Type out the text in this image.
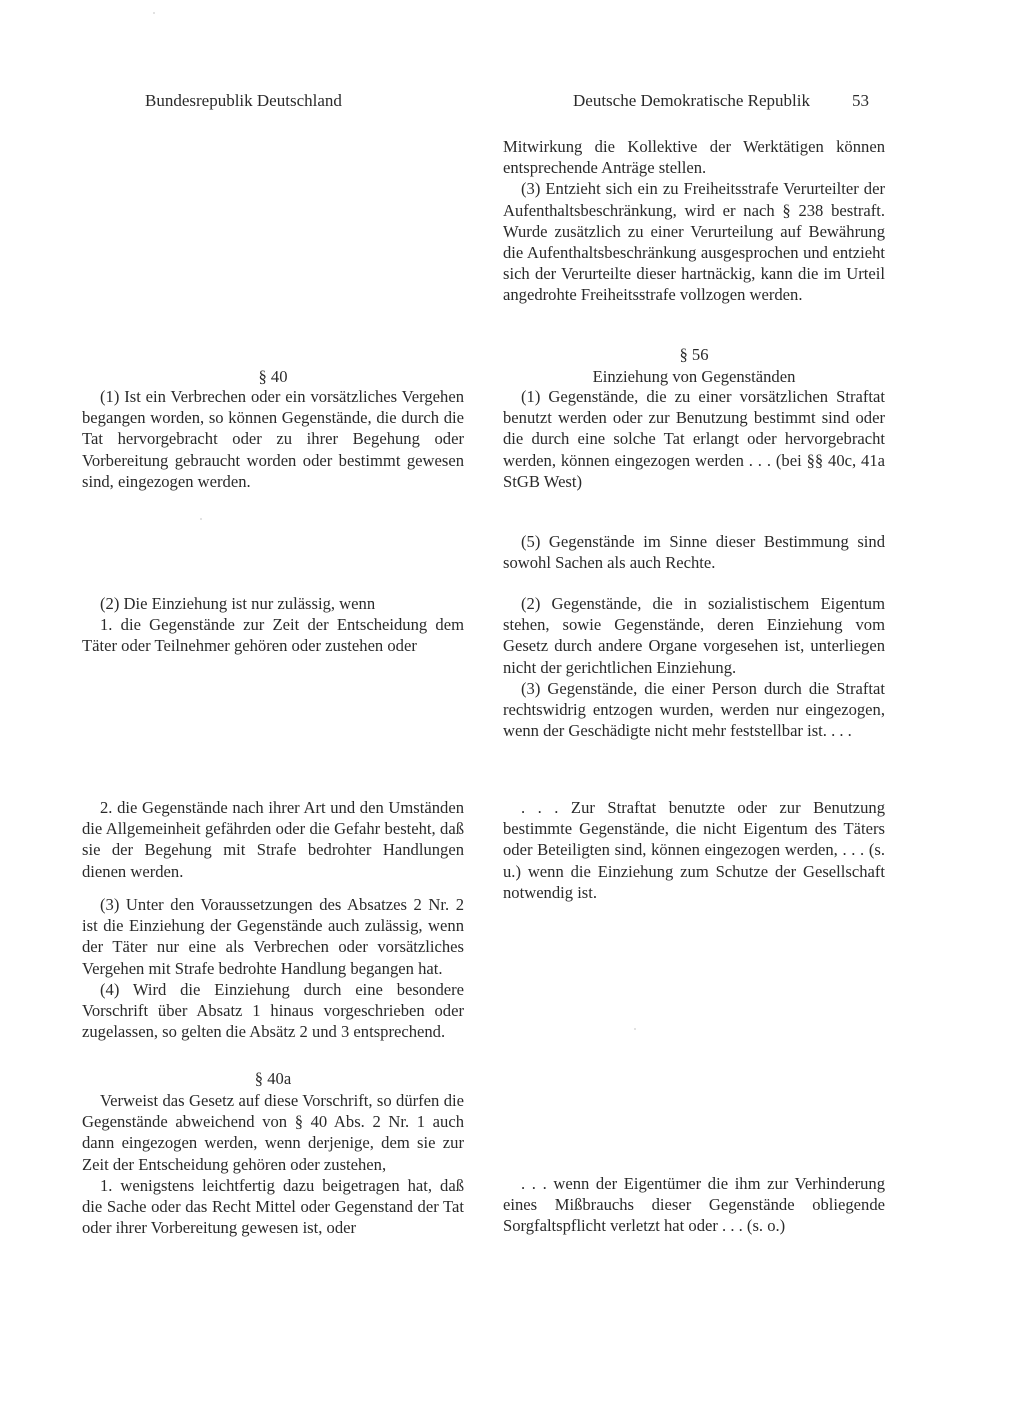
Bundesrepublik Deutschland	Deutsche Demokratische Republik 53

Mitwirkung die Kollektive der Werktätigen können entsprechende Anträge stellen.

(3) Entzieht sich ein zu Freiheitsstrafe Verurteilter der Aufenthaltsbeschränkung, wird er nach § 238 bestraft. Wurde zusätzlich zu einer Verurteilung auf Bewährung die Aufenthaltsbeschränkung ausgesprochen und entzieht sich der Verurteilte dieser hartnäckig, kann die im Urteil angedrohte Freiheitsstrafe vollzogen werden.

§ 40

(1) Ist ein Verbrechen oder ein vorsätzliches Vergehen begangen worden, so können Gegenstände, die durch die Tat hervorgebracht oder zu ihrer Begehung oder Vorbereitung gebraucht worden oder bestimmt gewesen sind, eingezogen werden.

§ 56
Einziehung von Gegenständen

(1) Gegenstände, die zu einer vorsätzlichen Straftat benutzt werden oder zur Benutzung bestimmt sind oder die durch eine solche Tat erlangt oder hervorgebracht werden, können eingezogen werden . . . (bei §§ 40c, 41a StGB West)

(5) Gegenstände im Sinne dieser Bestimmung sind sowohl Sachen als auch Rechte.

(2) Die Einziehung ist nur zulässig, wenn

1. die Gegenstände zur Zeit der Entscheidung dem Täter oder Teilnehmer gehören oder zustehen oder

(2) Gegenstände, die in sozialistischem Eigentum stehen, sowie Gegenstände, deren Einziehung vom Gesetz durch andere Organe vorgesehen ist, unterliegen nicht der gerichtlichen Einziehung.

(3) Gegenstände, die einer Person durch die Straftat rechtswidrig entzogen wurden, werden nur eingezogen, wenn der Geschädigte nicht mehr feststellbar ist. . . .

2. die Gegenstände nach ihrer Art und den Umständen die Allgemeinheit gefährden oder die Gefahr besteht, daß sie der Begehung mit Strafe bedrohter Handlungen dienen werden.

(3) Unter den Voraussetzungen des Absatzes 2 Nr. 2 ist die Einziehung der Gegenstände auch zulässig, wenn der Täter nur eine als Verbrechen oder vorsätzliches Vergehen mit Strafe bedrohte Handlung begangen hat.

(4) Wird die Einziehung durch eine besondere Vorschrift über Absatz 1 hinaus vorgeschrieben oder zugelassen, so gelten die Absätz 2 und 3 entsprechend.

. . . Zur Straftat benutzte oder zur Benutzung bestimmte Gegenstände, die nicht Eigentum des Täters oder Beteiligten sind, können eingezogen werden, . . . (s. u.) wenn die Einziehung zum Schutze der Gesellschaft notwendig ist.

§ 40a

Verweist das Gesetz auf diese Vorschrift, so dürfen die Gegenstände abweichend von § 40 Abs. 2 Nr. 1 auch dann eingezogen werden, wenn derjenige, dem sie zur Zeit der Entscheidung gehören oder zustehen,

1. wenigstens leichtfertig dazu beigetragen hat, daß die Sache oder das Recht Mittel oder Gegenstand der Tat oder ihrer Vorbereitung gewesen ist, oder

. . . wenn der Eigentümer die ihm zur Verhinderung eines Mißbrauchs dieser Gegenstände obliegende Sorgfaltspflicht verletzt hat oder . . . (s. o.)
